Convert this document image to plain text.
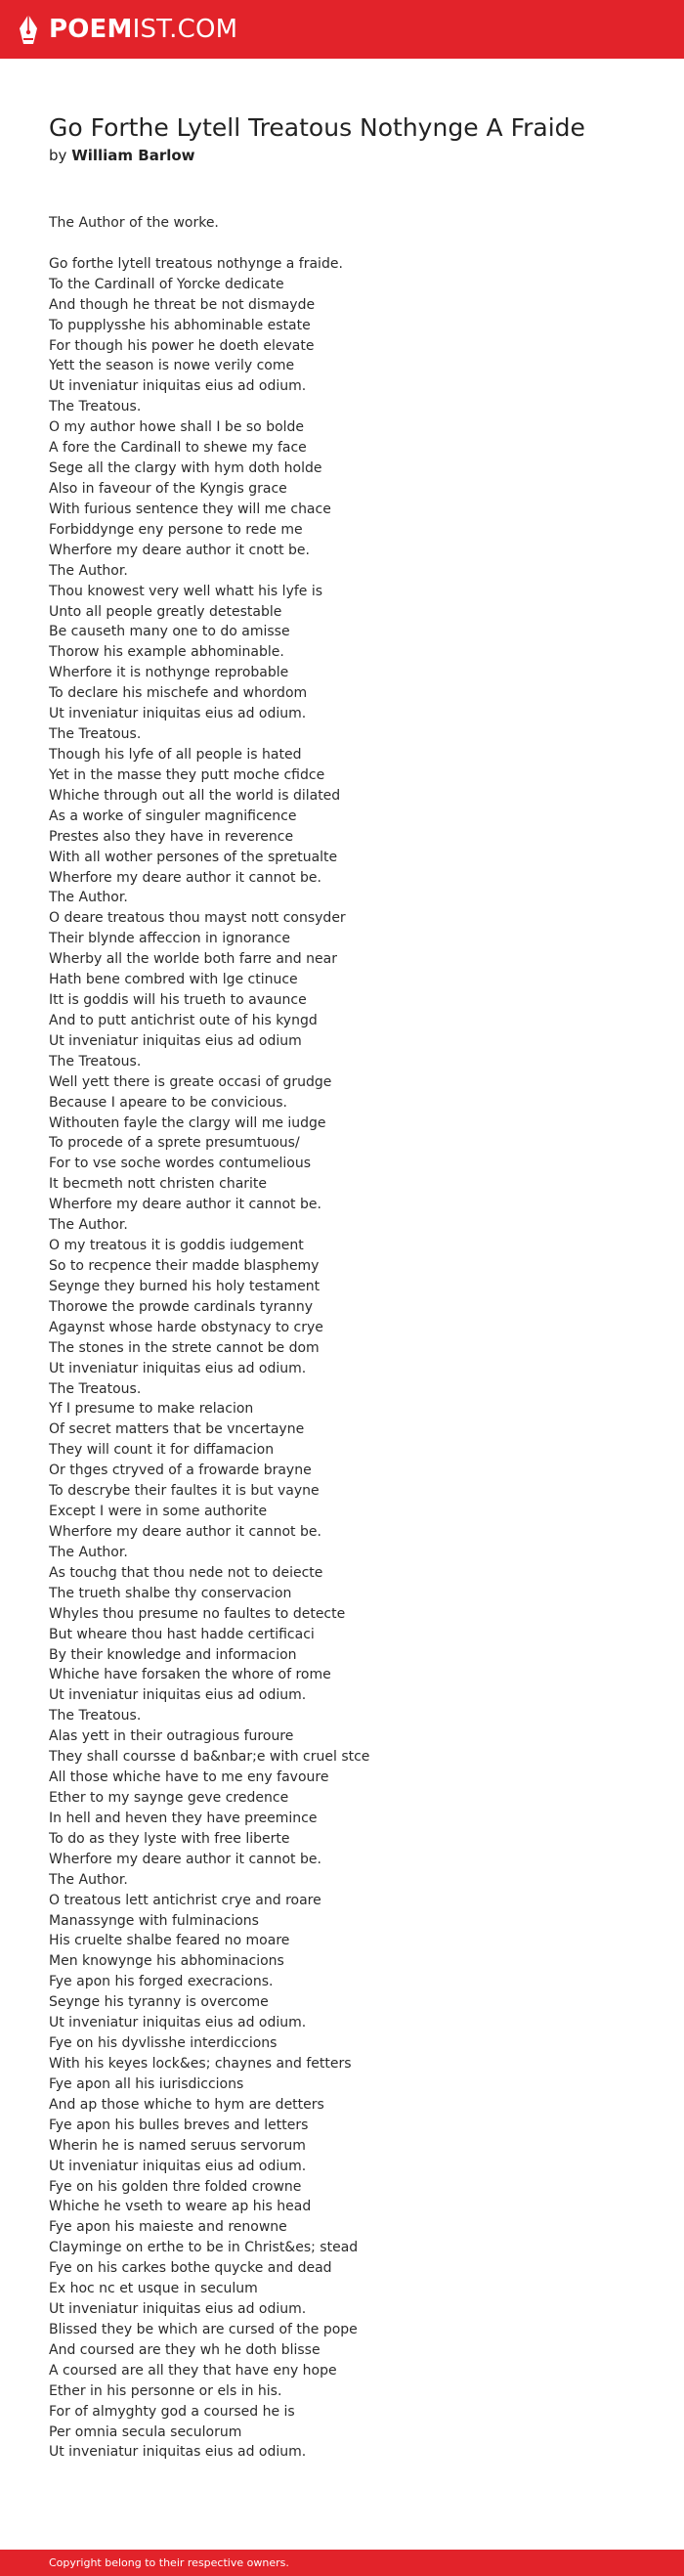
POEMIST.COM
Go Forthe Lytell Treatous Nothynge A Fraide
by William Barlow
The Author of the worke.
Go forthe lytell treatous nothynge a fraide.
To the Cardinall of Yorcke dedicate
And though he threat be not dismayde
To pupplysshe his abhominable estate
For though his power he doeth elevate
Yett the season is nowe verily come
Ut inveniatur iniquitas eius ad odium.
The Treatous.
O my author howe shall I be so bolde
A fore the Cardinall to shewe my face
Sege all the clargy with hym doth holde
Also in faveour of the Kyngis grace
With furious sentence they will me chace
Forbiddynge eny persone to rede me
Wherfore my deare author it cnott be.
The Author.
Thou knowest very well whatt his lyfe is
Unto all people greatly detestable
Be causeth many one to do amisse
Thorow his example abhominable.
Wherfore it is nothynge reprobable
To declare his mischefe and whordom
Ut inveniatur iniquitas eius ad odium.
The Treatous.
Though his lyfe of all people is hated
Yet in the masse they putt moche cfidce
Whiche through out all the world is dilated
As a worke of singuler magnificence
Prestes also they have in reverence
With all wother persones of the spretualte
Wherfore my deare author it cannot be.
The Author.
O deare treatous thou mayst nott consyder
Their blynde affeccion in ignorance
Wherby all the worlde both farre and near
Hath bene combred with lge ctinuce
Itt is goddis will his trueth to avaunce
And to putt antichrist oute of his kyngd
Ut inveniatur iniquitas eius ad odium
The Treatous.
Well yett there is greate occasi of grudge
Because I apeare to be convicious.
Withouten fayle the clargy will me iudge
To procede of a sprete presumtuous/
For to vse soche wordes contumelious
It becmeth nott christen charite
Wherfore my deare author it cannot be.
The Author.
O my treatous it is goddis iudgement
So to recpence their madde blasphemy
Seynge they burned his holy testament
Thorowe the prowde cardinals tyranny
Agaynst whose harde obstynacy to crye
The stones in the strete cannot be dom
Ut inveniatur iniquitas eius ad odium.
The Treatous.
Yf I presume to make relacion
Of secret matters that be vncertayne
They will count it for diffamacion
Or thges ctryved of a frowarde brayne
To descrybe their faultes it is but vayne
Except I were in some authorite
Wherfore my deare author it cannot be.
The Author.
As touchg that thou nede not to deiecte
The trueth shalbe thy conservacion
Whyles thou presume no faultes to detecte
But wheare thou hast hadde certificaci
By their knowledge and informacion
Whiche have forsaken the whore of rome
Ut inveniatur iniquitas eius ad odium.
The Treatous.
Alas yett in their outragious furoure
They shall coursse d ba&nbar;e with cruel stce
All those whiche have to me eny favoure
Ether to my saynge geve credence
In hell and heven they have preemince
To do as they lyste with free liberte
Wherfore my deare author it cannot be.
The Author.
O treatous lett antichrist crye and roare
Manassynge with fulminacions
His cruelte shalbe feared no moare
Men knowynge his abhominacions
Fye apon his forged execracions.
Seynge his tyranny is overcome
Ut inveniatur iniquitas eius ad odium.
Fye on his dyvlisshe interdiccions
With his keyes lock&es; chaynes and fetters
Fye apon all his iurisdiccions
And ap those whiche to hym are detters
Fye apon his bulles breves and letters
Wherin he is named seruus servorum
Ut inveniatur iniquitas eius ad odium.
Fye on his golden thre folded crowne
Whiche he vseth to weare ap his head
Fye apon his maieste and renowne
Clayminge on erthe to be in Christ&es; stead
Fye on his carkes bothe quycke and dead
Ex hoc nc et usque in seculum
Ut inveniatur iniquitas eius ad odium.
Blissed they be which are cursed of the pope
And coursed are they wh he doth blisse
A coursed are all they that have eny hope
Ether in his personne or els in his.
For of almyghty god a coursed he is
Per omnia secula seculorum
Ut inveniatur iniquitas eius ad odium.
Copyright belong to their respective owners.
